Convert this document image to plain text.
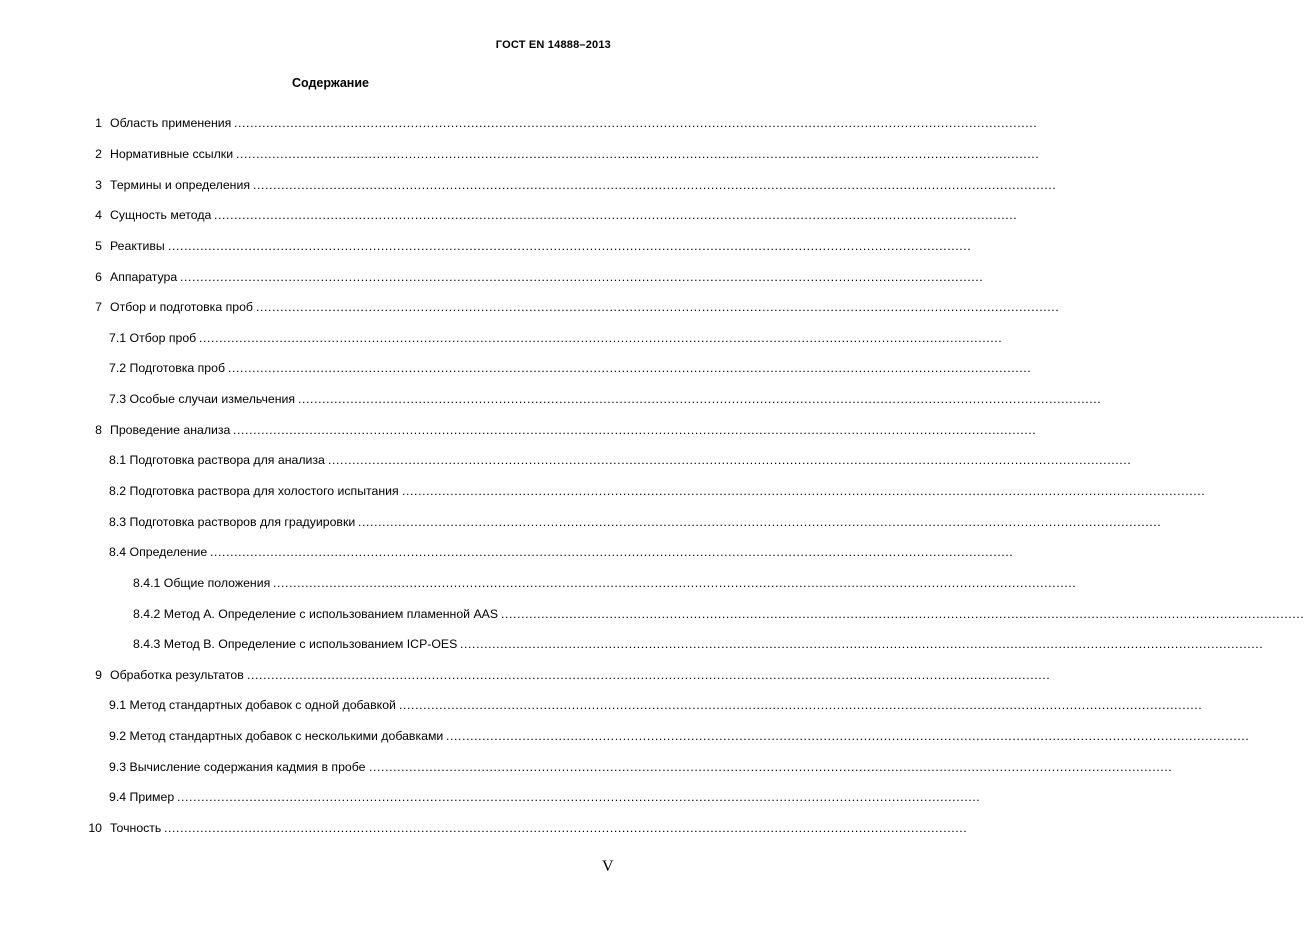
ГОСТ EN 14888–2013
Содержание
1 Область применения ........................................................................................................................................................................................................
2 Нормативные ссылки ........................................................................................................................................................................................................
3 Термины и определения ........................................................................................................................................................................................................
4 Сущность метода ........................................................................................................................................................................................................
5 Реактивы ........................................................................................................................................................................................................
6 Аппаратура ........................................................................................................................................................................................................
7 Отбор и подготовка проб ........................................................................................................................................................................................................
7.1 Отбор проб ........................................................................................................................................................................................................
7.2 Подготовка проб ........................................................................................................................................................................................................
7.3 Особые случаи измельчения ........................................................................................................................................................................................................
8 Проведение анализа ........................................................................................................................................................................................................
8.1 Подготовка раствора для анализа ........................................................................................................................................................................................................
8.2 Подготовка раствора для холостого испытания ........................................................................................................................................................................................................
8.3 Подготовка растворов для градуировки ........................................................................................................................................................................................................
8.4 Определение ........................................................................................................................................................................................................
8.4.1 Общие положения ........................................................................................................................................................................................................
8.4.2 Метод А. Определение с использованием пламенной AAS ........................................................................................................................................................................................................
8.4.3 Метод В. Определение с использованием ICP-OES ........................................................................................................................................................................................................
9 Обработка результатов ........................................................................................................................................................................................................
9.1 Метод стандартных добавок с одной добавкой ........................................................................................................................................................................................................
9.2 Метод стандартных добавок с несколькими добавками ........................................................................................................................................................................................................
9.3 Вычисление содержания кадмия в пробе ........................................................................................................................................................................................................
9.4 Пример ........................................................................................................................................................................................................
10 Точность ........................................................................................................................................................................................................
V
